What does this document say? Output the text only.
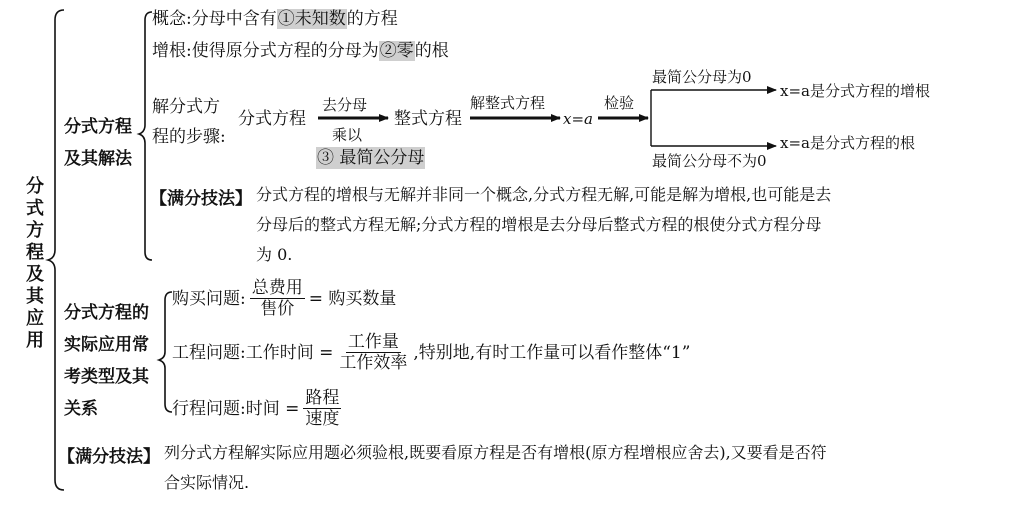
分式方程及其应用
分式方程
及其解法
概念:分母中含有①未知数的方程
增根:使得原分式方程的分母为②零的根
解分式方
程的步骤:
分式方程
去分母
乘以
③ 最简公分母
整式方程
解整式方程
x=a
检验
最简公分母为0
x=a是分式方程的增根
x=a是分式方程的根
最简公分母不为0
【满分技法】 分式方程的增根与无解并非同一个概念,分式方程无解,可能是解为增根,也可能是去
分母后的整式方程无解;分式方程的增根是去分母后整式方程的根使分式方程分母
为 0.
分式方程的
实际应用常
考类型及其
关系
购买问题: $\frac{\text{总费用}}{\text{售价}}$ = 购买数量
工程问题:工作时间 = $\frac{\text{工作量}}{\text{工作效率}}$ ,特别地,有时工作量可以看作整体“1”
行程问题:时间 = $\frac{\text{路程}}{\text{速度}}$
【满分技法】 列分式方程解实际应用题必须验根,既要看原方程是否有增根(原方程增根应舍去),又要看是否符
合实际情况.
